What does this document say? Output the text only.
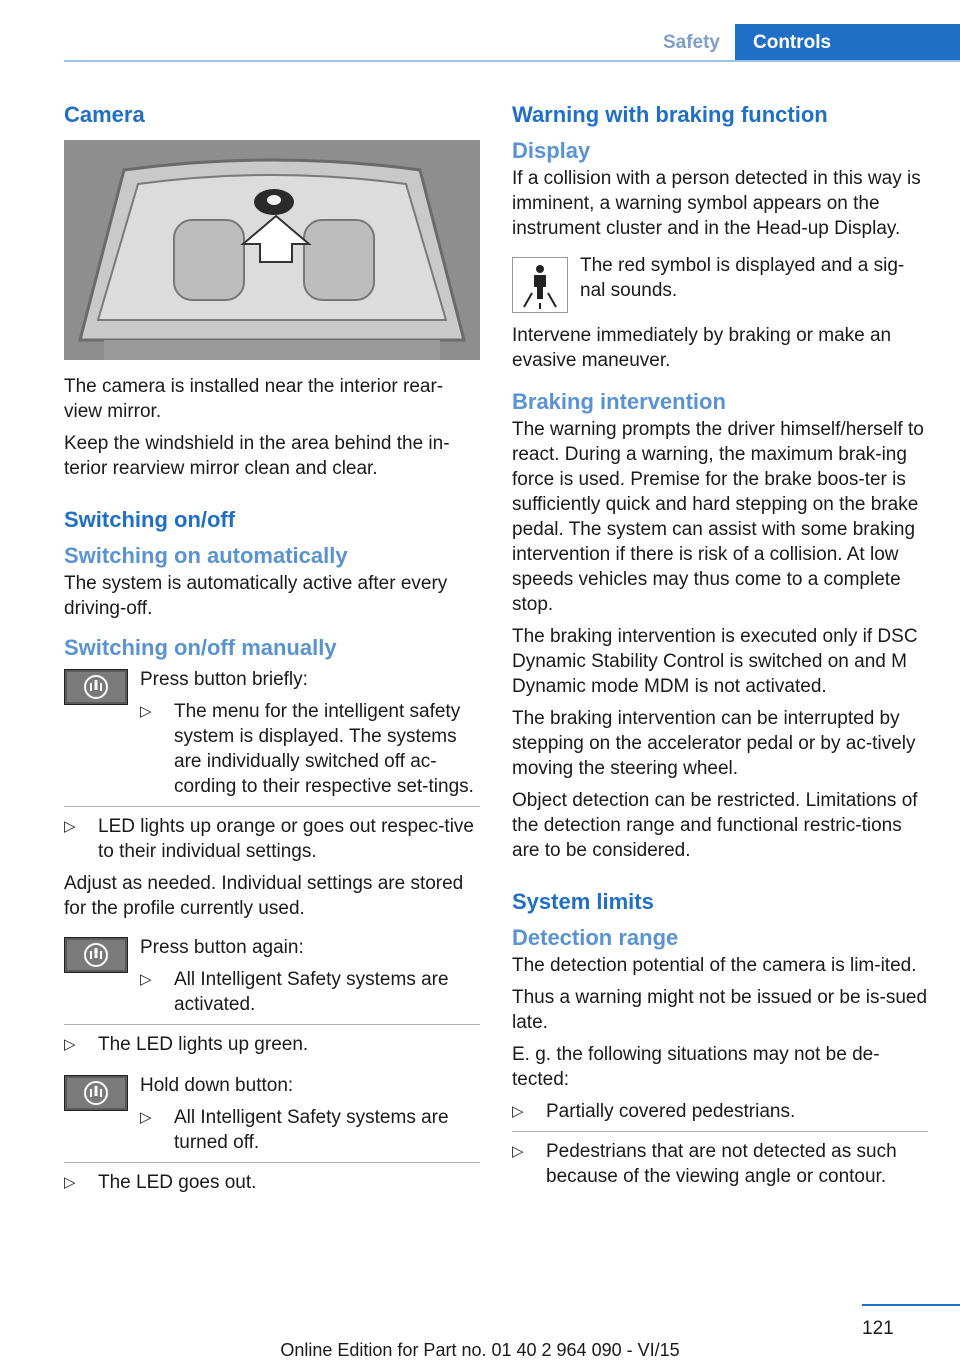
Safety	Controls
Camera

The camera is installed near the interior rear-view mirror.

Keep the windshield in the area behind the in-terior rearview mirror clean and clear.

Switching on/off
Switching on automatically

The system is automatically active after every driving-off.

Switching on/off manually

Press button briefly:

▷ The menu for the intelligent safety system is displayed. The systems are individually switched off ac-cording to their respective set-tings.
▷ LED lights up orange or goes out respec-tive to their individual settings.

Adjust as needed. Individual settings are stored for the profile currently used.

Press button again:

▷ All Intelligent Safety systems are activated.
▷ The LED lights up green.

Hold down button:

▷ All Intelligent Safety systems are turned off.
▷ The LED goes out.
Warning with braking function
Display

If a collision with a person detected in this way is imminent, a warning symbol appears on the instrument cluster and in the Head-up Display.

The red symbol is displayed and a sig-nal sounds.

Intervene immediately by braking or make an evasive maneuver.

Braking intervention

The warning prompts the driver himself/herself to react. During a warning, the maximum brak-ing force is used. Premise for the brake boos-ter is sufficiently quick and hard stepping on the brake pedal. The system can assist with some braking intervention if there is risk of a collision. At low speeds vehicles may thus come to a complete stop.

The braking intervention is executed only if DSC Dynamic Stability Control is switched on and M Dynamic mode MDM is not activated.

The braking intervention can be interrupted by stepping on the accelerator pedal or by ac-tively moving the steering wheel.

Object detection can be restricted. Limitations of the detection range and functional restric-tions are to be considered.

System limits
Detection range

The detection potential of the camera is lim-ited.

Thus a warning might not be issued or be is-sued late.

E. g. the following situations may not be de-tected:

▷ Partially covered pedestrians.
▷ Pedestrians that are not detected as such because of the viewing angle or contour.
121
Online Edition for Part no. 01 40 2 964 090 - VI/15
